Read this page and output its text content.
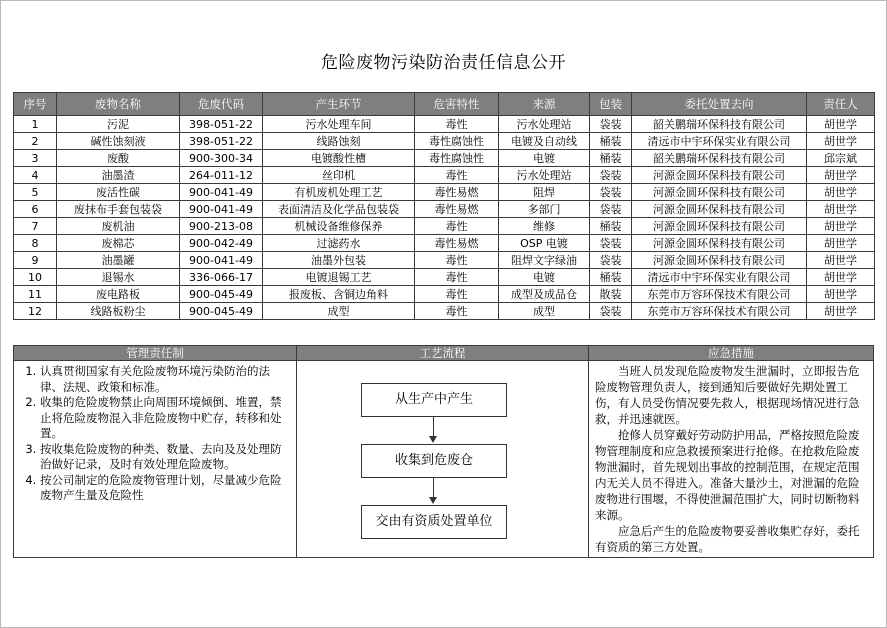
危险废物污染防治责任信息公开
序号	废物名称	危废代码	产生环节	危害特性	来源	包装	委托处置去向	责任人
1	污泥	398-051-22	污水处理车间	毒性	污水处理站	袋装	韶关鹏瑞环保科技有限公司	胡世学
2	碱性蚀刻液	398-051-22	线路蚀刻	毒性腐蚀性	电镀及自动线	桶装	清远市中宇环保实业有限公司	胡世学
3	废酸	900-300-34	电镀酸性槽	毒性腐蚀性	电镀	桶装	韶关鹏瑞环保科技有限公司	邱宗斌
4	油墨渣	264-011-12	丝印机	毒性	污水处理站	袋装	河源金圆环保科技有限公司	胡世学
5	废活性碳	900-041-49	有机废机处理工艺	毒性易燃	阻焊	袋装	河源金圆环保科技有限公司	胡世学
6	废抹布手套包装袋	900-041-49	表面清洁及化学品包装袋	毒性易燃	多部门	袋装	河源金圆环保科技有限公司	胡世学
7	废机油	900-213-08	机械设备维修保养	毒性	维修	桶装	河源金圆环保科技有限公司	胡世学
8	废棉芯	900-042-49	过滤药水	毒性易燃	OSP 电镀	袋装	河源金圆环保科技有限公司	胡世学
9	油墨罐	900-041-49	油墨外包装	毒性	阻焊文字绿油	袋装	河源金圆环保科技有限公司	胡世学
10	退锡水	336-066-17	电镀退锡工艺	毒性	电镀	桶装	清远市中宇环保实业有限公司	胡世学
11	废电路板	900-045-49	报废板、含铜边角料	毒性	成型及成品仓	散装	东莞市万容环保技术有限公司	胡世学
12	线路板粉尘	900-045-49	成型	毒性	成型	袋装	东莞市万容环保技术有限公司	胡世学
管理责任制	工艺流程	应急措施
1. 认真贯彻国家有关危险废物环境污染防治的法律、法规、政策和标准。
2. 收集的危险废物禁止向周围环境倾倒、堆置，禁止将危险废物混入非危险废物中贮存，转移和处置。
3. 按收集危险废物的种类、数量、去向及及处理防治做好记录，及时有效处理危险废物。
4. 按公司制定的危险废物管理计划，尽量减少危险废物产生量及危险性
从生产中产生
收集到危废仓
交由有资质处置单位

当班人员发现危险废物发生泄漏时，立即报告危险废物管理负责人，接到通知后要做好先期处置工伤，有人员受伤情况要先救人，根据现场情况进行急救，并迅速就医。

抢修人员穿戴好劳动防护用品，严格按照危险废物管理制度和应急救援预案进行抢修。在抢救危险废物泄漏时，首先规划出事故的控制范围，在规定范围内无关人员不得进入。准备大量沙土，对泄漏的危险废物进行围堰，不得使泄漏范围扩大，同时切断物料来源。

应急后产生的危险废物要妥善收集贮存好，委托有资质的第三方处置。
